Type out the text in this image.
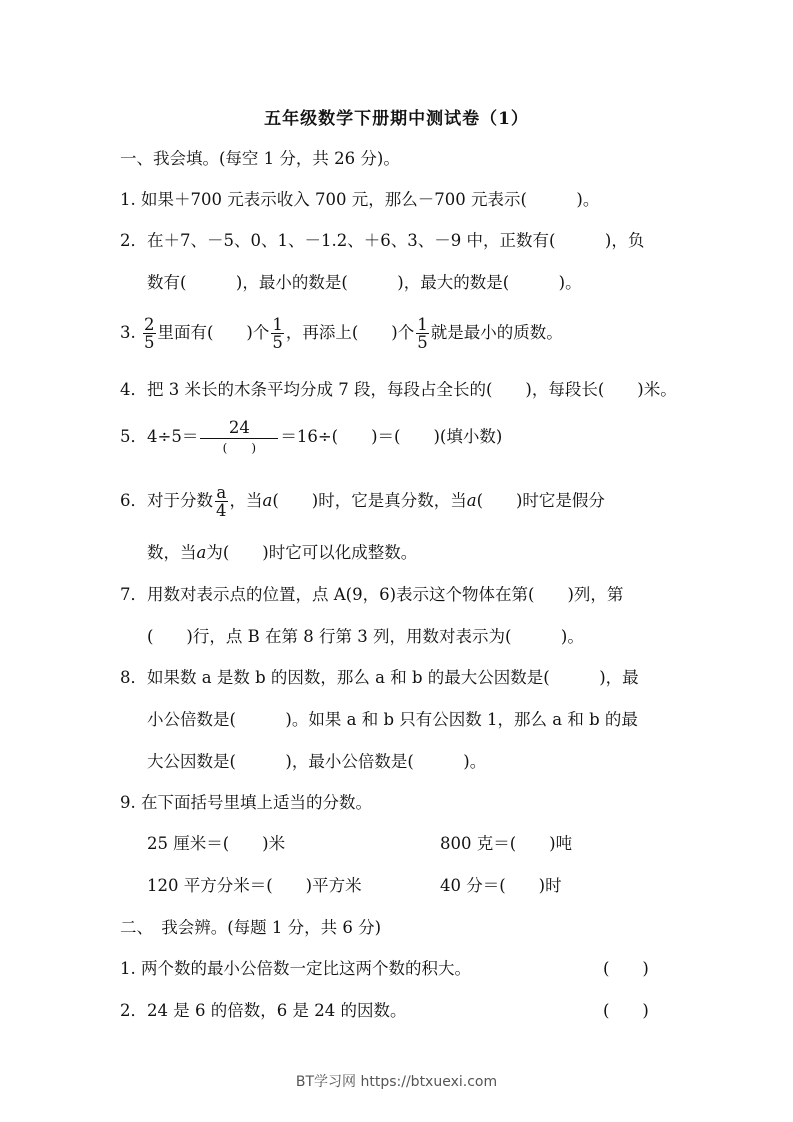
五年级数学下册期中测试卷（1）
一、我会填。(每空 1 分，共 26 分)。
1. 如果＋700 元表示收入 700 元，那么－700 元表示(　　　)。
2．在＋7、－5、0、1、－1.2、＋6、3、－9 中，正数有(　　　)，负
数有(　　　)，最小的数是(　　　)，最大的数是(　　　)。
3. $\frac{2}{5}$ 里面有(　　)个 $\frac{1}{5}$ ，再添上(　　)个 $\frac{1}{5}$ 就是最小的质数。
4．把 3 米长的木条平均分成 7 段，每段占全长的(　　)，每段长(　　)米。
5．$4\div 5= \frac{24}{( )} =16\div$(　　)＝(　　)(填小数)
6．对于分数 $\frac{a}{4}$ ，当a(　　)时，它是真分数，当a(　　)时它是假分
数，当a为(　　)时它可以化成整数。
7．用数对表示点的位置，点 A(9，6)表示这个物体在第(　　)列，第
(　　)行，点 B 在第 8 行第 3 列，用数对表示为(　　　)。
8．如果数 a 是数 b 的因数，那么 a 和 b 的最大公因数是(　　　)，最
小公倍数是(　　　)。如果 a 和 b 只有公因数 1，那么 a 和 b 的最
大公因数是(　　　)，最小公倍数是(　　　)。
9. 在下面括号里填上适当的分数。
25 厘米＝(　　)米	800 克＝(　　)吨
120 平方分米＝(　　)平方米	40 分＝(　　)时
二、　我会辨。(每题 1 分，共 6 分)
1. 两个数的最小公倍数一定比这两个数的积大。	(　　)
2．24 是 6 的倍数，6 是 24 的因数。	(　　)
BT学习网 https://btxuexi.com
